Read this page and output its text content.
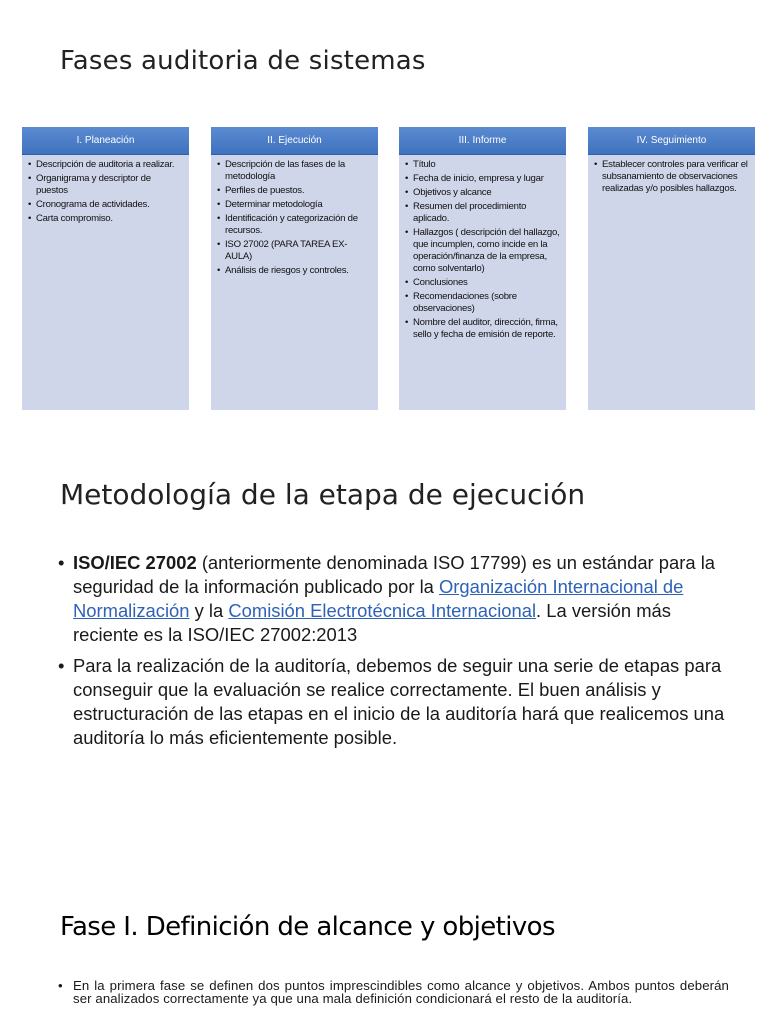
Fases auditoria de sistemas
I. Planeación
• Descripción de auditoria a realizar.
• Organigrama y descriptor de puestos
• Cronograma de actividades.
• Carta compromiso.
II. Ejecución
• Descripción de las fases de la metodología
• Perfiles de puestos.
• Determinar metodología
• Identificación y categorización de recursos.
• ISO 27002 (PARA TAREA EX-AULA)
• Análisis de riesgos y controles.
III. Informe
• Título
• Fecha de inicio, empresa y lugar
• Objetivos y alcance
• Resumen del procedimiento aplicado.
• Hallazgos ( descripción del hallazgo, que incumplen, como incide en la operación/finanza de la empresa, como solventarlo)
• Conclusiones
• Recomendaciones (sobre observaciones)
• Nombre del auditor, dirección, firma, sello y fecha de emisión de reporte.
IV. Seguimiento
• Establecer controles para verificar el subsanamiento de observaciones realizadas y/o posibles hallazgos.
Metodología de la etapa de ejecución
• ISO/IEC 27002 (anteriormente denominada ISO 17799) es un estándar para la seguridad de la información publicado por la Organización Internacional de Normalización y la Comisión Electrotécnica Internacional. La versión más reciente es la ISO/IEC 27002:2013
• Para la realización de la auditoría, debemos de seguir una serie de etapas para conseguir que la evaluación se realice correctamente. El buen análisis y estructuración de las etapas en el inicio de la auditoría hará que realicemos una auditoría lo más eficientemente posible.
Fase I. Definición de alcance y objetivos

• En la primera fase se definen dos puntos imprescindibles como alcance y objetivos. Ambos puntos deberán ser analizados correctamente ya que una mala definición condicionará el resto de la auditoría.
